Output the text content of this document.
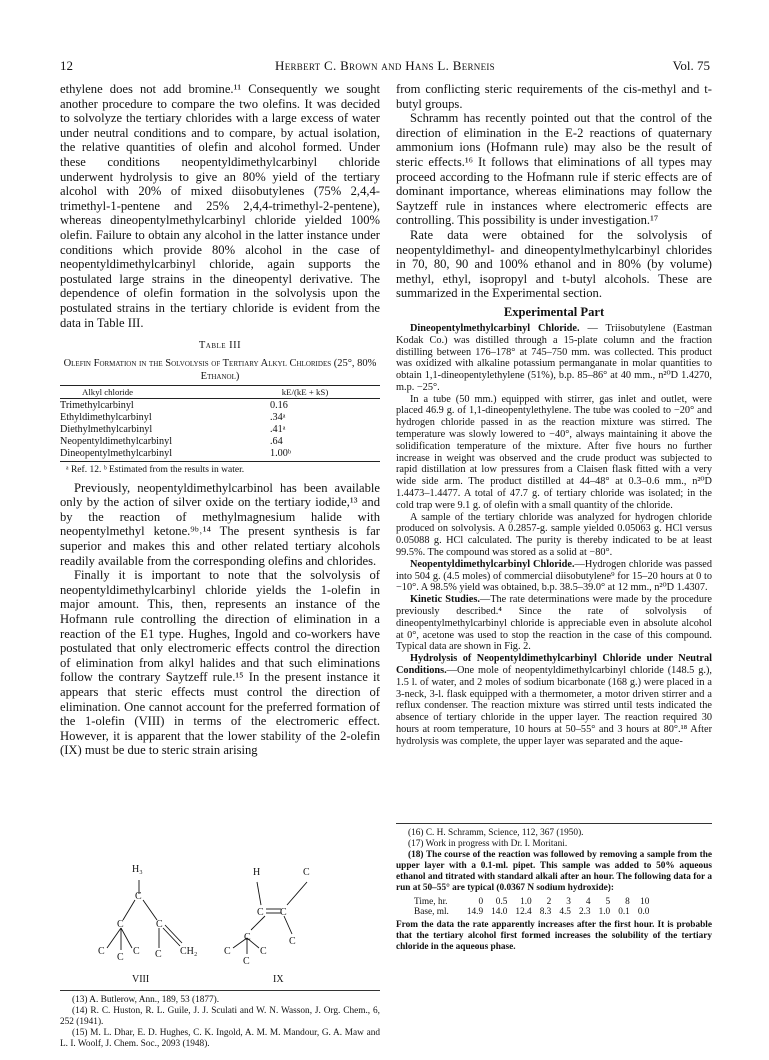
12	Herbert C. Brown and Hans L. Berneis	Vol. 75

ethylene does not add bromine.¹¹ Consequently we sought another procedure to compare the two olefins. It was decided to solvolyze the tertiary chlorides with a large excess of water under neutral conditions and to compare, by actual isolation, the relative quantities of olefin and alcohol formed. Under these conditions neopentyldimethylcarbinyl chloride underwent hydrolysis to give an 80% yield of the tertiary alcohol with 20% of mixed diisobutylenes (75% 2,4,4-trimethyl-1-pentene and 25% 2,4,4-trimethyl-2-pentene), whereas dineopentylmethylcarbinyl chloride yielded 100% olefin. Failure to obtain any alcohol in the latter instance under conditions which provide 80% alcohol in the case of neopentyldimethylcarbinyl chloride, again supports the postulated large strains in the dineopentyl derivative. The dependence of olefin formation in the solvolysis upon the postulated strains in the tertiary chloride is evident from the data in Table III.

Table III
Olefin Formation in the Solvolysis of Tertiary Alkyl Chlorides (25°, 80% Ethanol)
Alkyl chloride	kE/(kE + kS)
Trimethylcarbinyl	0.16
Ethyldimethylcarbinyl	.34ᵃ
Diethylmethylcarbinyl	.41ᵃ
Neopentyldimethylcarbinyl	.64
Dineopentylmethylcarbinyl	1.00ᵇ
ᵃ Ref. 12. ᵇ Estimated from the results in water.

Previously, neopentyldimethylcarbinol has been available only by the action of silver oxide on the tertiary iodide,¹³ and by the reaction of methylmagnesium halide with neopentylmethyl ketone.⁹ᵇ˒¹⁴ The present synthesis is far superior and makes this and other related tertiary alcohols readily available from the corresponding olefins and chlorides.

Finally it is important to note that the solvolysis of neopentyldimethylcarbinyl chloride yields the 1-olefin in major amount. This, then, represents an instance of the Hofmann rule controlling the direction of elimination in a reaction of the E1 type. Hughes, Ingold and co-workers have postulated that only electromeric effects control the direction of elimination from alkyl halides and that such eliminations follow the contrary Saytzeff rule.¹⁵ In the present instance it appears that steric effects must control the direction of elimination. One cannot account for the preferred formation of the 1-olefin (VIII) in terms of the electromeric effect. However, it is apparent that the lower stability of the 2-olefin (IX) must be due to steric strain arising

H₃
C
C	C
C	C
C	C CH₂
VIII
H	C
C C
C	C
C	C
C
IX

(13) A. Butlerow, Ann., 189, 53 (1877).

(14) R. C. Huston, R. L. Guile, J. J. Sculati and W. N. Wasson, J. Org. Chem., 6, 252 (1941).

(15) M. L. Dhar, E. D. Hughes, C. K. Ingold, A. M. M. Mandour, G. A. Maw and L. I. Woolf, J. Chem. Soc., 2093 (1948).

from conflicting steric requirements of the cis-methyl and t-butyl groups.

Schramm has recently pointed out that the control of the direction of elimination in the E-2 reactions of quaternary ammonium ions (Hofmann rule) may also be the result of steric effects.¹⁶ It follows that eliminations of all types may proceed according to the Hofmann rule if steric effects are of dominant importance, whereas eliminations may follow the Saytzeff rule in instances where electromeric effects are controlling. This possibility is under investigation.¹⁷

Rate data were obtained for the solvolysis of neopentyldimethyl- and dineopentylmethylcarbinyl chlorides in 70, 80, 90 and 100% ethanol and in 80% (by volume) methyl, ethyl, isopropyl and t-butyl alcohols. These are summarized in the Experimental section.

Experimental Part

Dineopentylmethylcarbinyl Chloride. — Triisobutylene (Eastman Kodak Co.) was distilled through a 15-plate column and the fraction distilling between 176–178° at 745–750 mm. was collected. This product was oxidized with alkaline potassium permanganate in molar quantities to obtain 1,1-dineopentylethylene (51%), b.p. 85–86° at 40 mm., n²⁰D 1.4270, m.p. −25°.

In a tube (50 mm.) equipped with stirrer, gas inlet and outlet, were placed 46.9 g. of 1,1-dineopentylethylene. The tube was cooled to −20° and hydrogen chloride passed in as the reaction mixture was stirred. The temperature was slowly lowered to −40°, always maintaining it above the solidification temperature of the mixture. After five hours no further increase in weight was observed and the crude product was subjected to rapid distillation at low pressures from a Claisen flask fitted with a very wide side arm. The product distilled at 44–48° at 0.3–0.6 mm., n²⁰D 1.4473–1.4477. A total of 47.7 g. of tertiary chloride was isolated; in the cold trap were 9.1 g. of olefin with a small quantity of the chloride.

A sample of the tertiary chloride was analyzed for hydrogen chloride produced on solvolysis. A 0.2857-g. sample yielded 0.05063 g. HCl versus 0.05088 g. HCl calculated. The purity is thereby indicated to be at least 99.5%. The compound was stored as a solid at −80°.

Neopentyldimethylcarbinyl Chloride.—Hydrogen chloride was passed into 504 g. (4.5 moles) of commercial diisobutylene⁹ for 15–20 hours at 0 to −10°. A 98.5% yield was obtained, b.p. 38.5–39.0° at 12 mm., n²⁰D 1.4307.

Kinetic Studies.—The rate determinations were made by the procedure previously described.⁴ Since the rate of solvolysis of dineopentylmethylcarbinyl chloride is appreciable even in absolute alcohol at 0°, acetone was used to stop the reaction in the case of this compound. Typical data are shown in Fig. 2.

Hydrolysis of Neopentyldimethylcarbinyl Chloride under Neutral Conditions.—One mole of neopentyldimethylcarbinyl chloride (148.5 g.), 1.5 l. of water, and 2 moles of sodium bicarbonate (168 g.) were placed in a 3-neck, 3-l. flask equipped with a thermometer, a motor driven stirrer and a reflux condenser. The reaction mixture was stirred until tests indicated the absence of tertiary chloride in the upper layer. The reaction required 30 hours at room temperature, 10 hours at 50–55° and 3 hours at 80°.¹⁸ After hydrolysis was complete, the upper layer was separated and the aque-

(16) C. H. Schramm, Science, 112, 367 (1950).

(17) Work in progress with Dr. I. Moritani.

(18) The course of the reaction was followed by removing a sample from the upper layer with a 0.1-ml. pipet. This sample was added to 50% aqueous ethanol and titrated with standard alkali after an hour. The following data for a run at 50–55° are typical (0.0367 N sodium hydroxide):

Time, hr.	0	0.5	1.0	2	3	4	5	8	10
Base, ml.	14.9	14.0	12.4	8.3	4.5	2.3	1.0	0.1	0.0

From the data the rate apparently increases after the first hour. It is probable that the tertiary alcohol first formed increases the solubility of the tertiary chloride in the aqueous phase.
